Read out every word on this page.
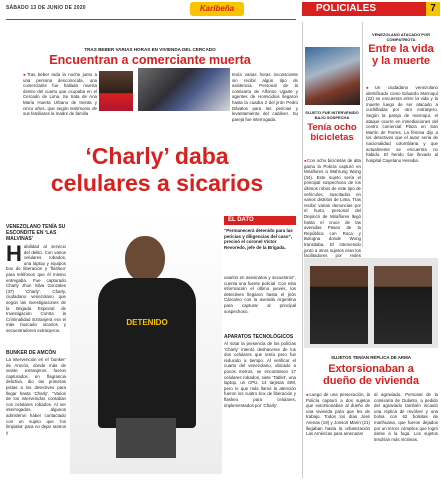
SÁBADO 13 DE JUNIO DE 2020	Karibeña	POLICIALES	7
TRAS BEBER VARIAS HORAS EN VIVIENDA DEL CERCADO
Encuentran a comerciante muerta
●Tras beber toda la noche junto a una persona desconocida, una comerciante fue hallada muerta dentro del cuarto que ocupaba en el Cercado de Lima. Se trata de Ana María Huerta Urbano de treinta y cinco años, que según testimonio de sus familiares la madre de familia
tenía varias horas inconsciente sin recibir algún tipo de asistencia. Personal de la comisaría de Alfonso Ugarte y agentes de Homicidios llegaron hasta la cuadra 2 del jirón Pedro Dávalos para las pericias y levantamiento del cadáver. Su pareja fue interrogada.
SUJETO FUE INTERVENIDO BAJO SOSPECHA
Tenía ocho bicicletas
●Con ocho bicicletas de alta gama la Policía capturó en Miraflores a Wahrung Wong (34). Este sujeto sería el principal sospechoso de los últimos robos de este tipo de vehículos, suscitados en varios distritos de Lima. Tras recibir varias denuncias por el hurto, personal del Depincri de Miraflores llegó hasta el cruce de las avenidas Paseo de la República con Roca y Bologna donde Wong transitaba. El intervenido junto a otros sujetos eran los facilitadores por redes
VENEZOLANO ATACADO POR COMPATRIOTA
Entre la vida y la muerte
●Un ciudadano venezolano identificado como Eduardo Marroquí (22) se encuentra entre la vida y la muerte luego de ser atacado a cuchilladas por otro extranjero. Según la pareja de marroquí, el ataque ocurre en inmediaciones del centro comercial Plaza en San Martín de Porres. La fémina dijo a los detectives que el autor sería de nacionalidad colombiana y que actualmente se encuentra no habido. El herido fue llevado al hospital Cayetano Heredia.
‘Charly’ daba
celulares a sicarios
VENEZOLANO TENÍA SU ESCONDITE EN ‘LAS MALVINAS’
Habilidad al servicio del delito. Con varios celulares robados, una laptop y equipos box de liberación y ‘flasheo’ para teléfonos que él mismo entregaba. Fue capturado Charly Jhon Silva Gonzales (37) ‘Charly’. Charly, ciudadano venezolano que según las investigaciones de la Brigada Especial de Investigación Contra la Criminalidad Extranjera era el más buscado sicarios y secuestradores extranjeros.
BUNKER DE AMCÓN
La intervención en el ‘bunker’ de Amcón, donde más de veinte extranjeros fueron capturados en flagrancia delictiva, dio las primeras pistas a los detectives para llegar hasta ‘Charly’. “Varios de los intervenidos contaban con celulares robados. Al ser interrogados, algunos admitieron haber contactado con un sujeto que ‘los limpiaba’ para no dejar rastros y
DETENIDO
EL DATO
“Permanecerá detenido para las pericias y diligencias del caso”, precisó el coronel Víctor Revoredo, jefe de la Brigada.
usarlos en asesinatos y secuestros”, cuenta una fuente policial. Con esta información el último jueves, los detectives llegaron hasta el jirón Cárcamo con la avenida Argentina para capturar al principal sospechoso.
APARATOS TECNOLÓGICOS
Al notar la presencia de los policías ‘Charly’ intentó deshacerse de los dos celulares que tenía pero fue reducido a tiempo. Al verificar el cuarto del venezolano, ubicado a pocos metros, se encontraron 17 celulares robados, siete ‘Tablet’, una laptop, un CPU, 14 tarjetas SIM, pero lo que más llamó la atención fueron los cuatro box de liberación y flasheo para celulares, implementados por ‘Charly’.
SUJETOS TENÍAN RÉPLICA DE ARMA
Extorsionaban a
dueño de vivienda
●Luego de una persecución, la Policía capturó a dos sujetos que extorsionaban al dueño de una vivienda para que les de trabajo. Todos los días José Arenas (19) y Jonson Marín (21) llegaban hasta la urbanización Las Américas para amenazar
al agraviado. Personal de la comisaría de Dulanto, a pedido del agraviado también incautó una réplica de revólver y una bolsa con 62 bolsitas de marihuana, que fueron dejados por un tercer cómplice que logró darse a la fuga. Los sujetos tendrían más víctimas.
